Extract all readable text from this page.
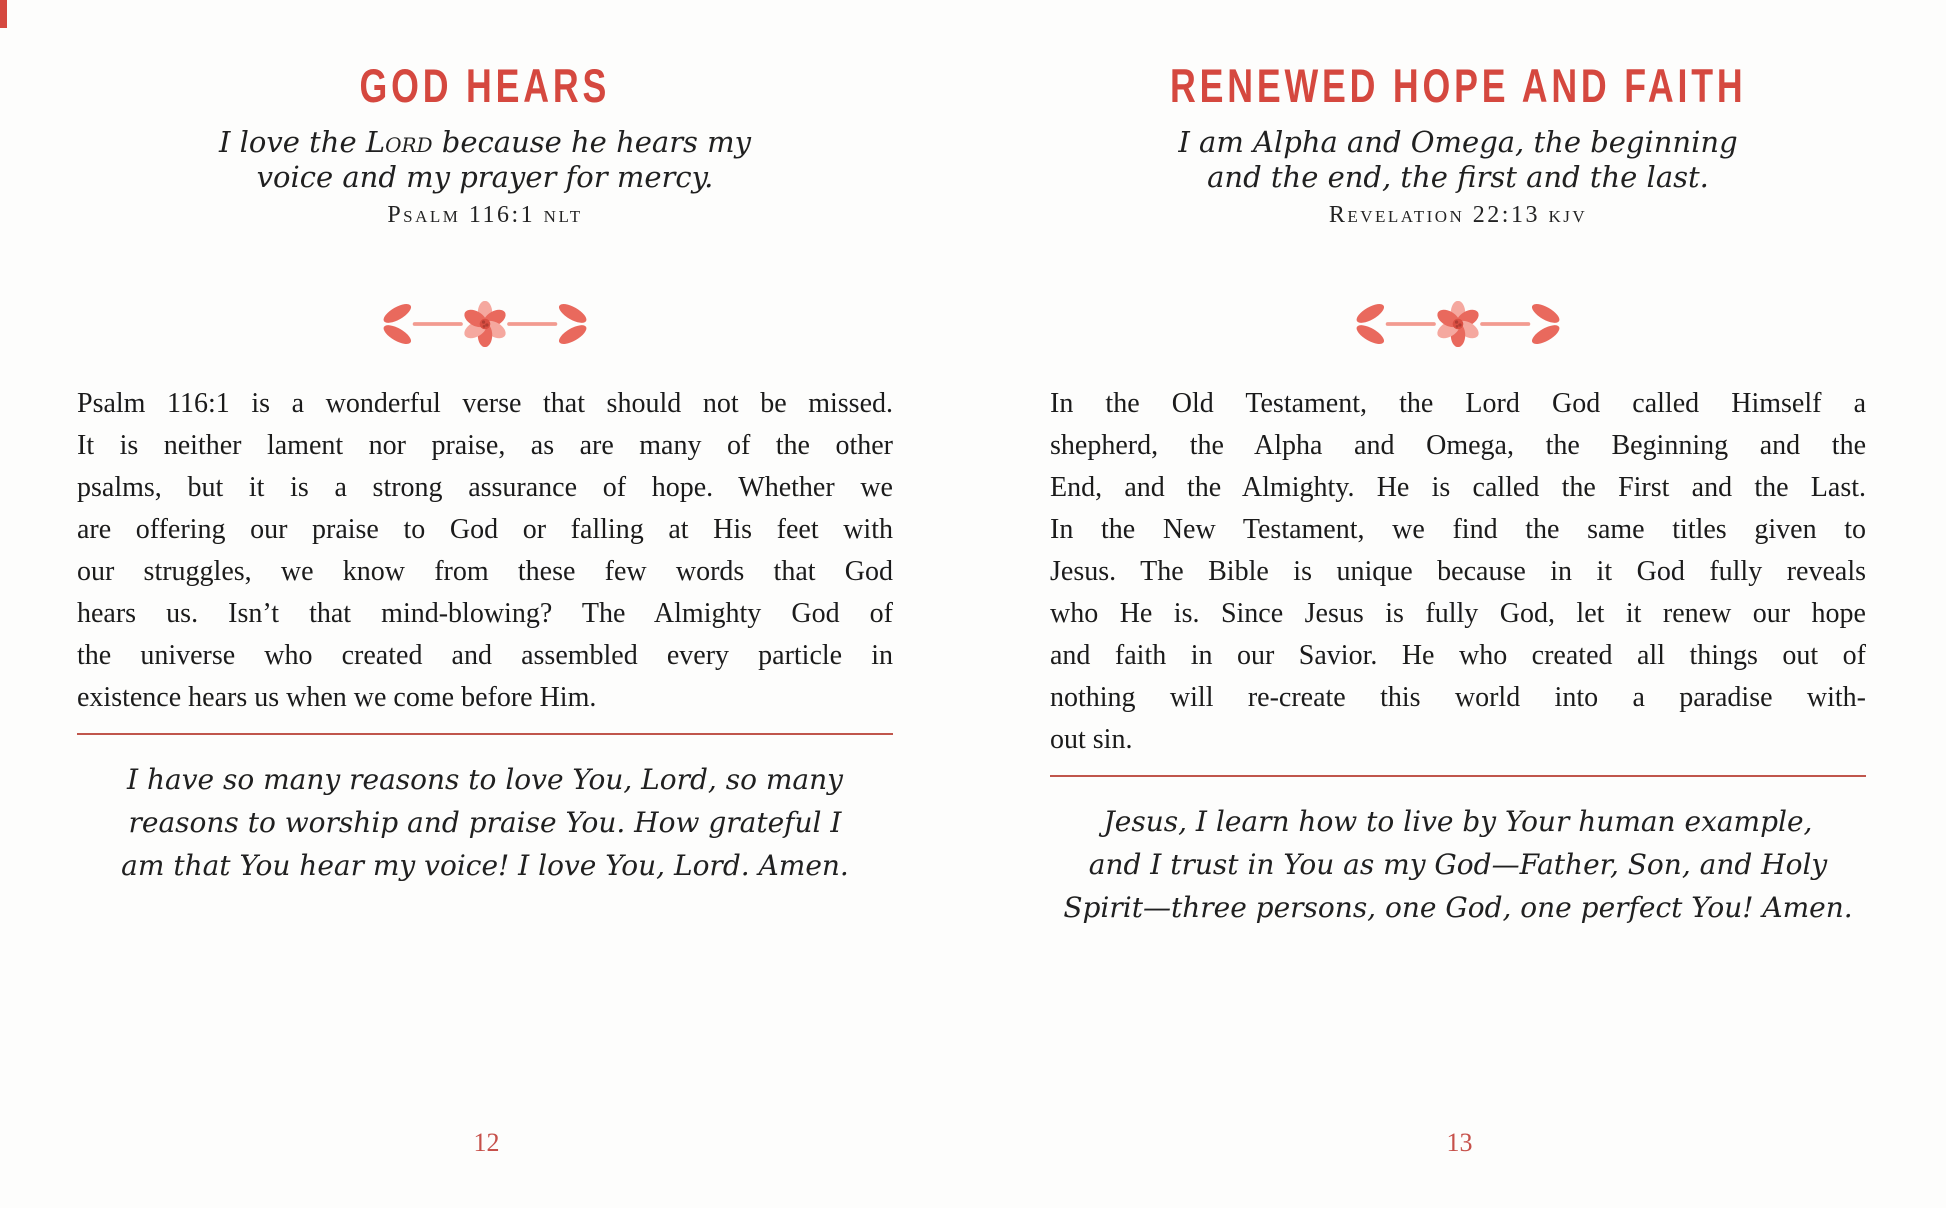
GOD HEARS
I love the Lord because he hears my
voice and my prayer for mercy.
Psalm 116:1 nlt
Psalm 116:1 is a wonderful verse that should not be missed.
It is neither lament nor praise, as are many of the other
psalms, but it is a strong assurance of hope. Whether we
are offering our praise to God or falling at His feet with
our struggles, we know from these few words that God
hears us. Isn’t that mind-blowing? The Almighty God of
the universe who created and assembled every particle in
existence hears us when we come before Him.
I have so many reasons to love You, Lord, so many
reasons to worship and praise You. How grateful I
am that You hear my voice! I love You, Lord. Amen.
12
RENEWED HOPE AND FAITH
I am Alpha and Omega, the beginning
and the end, the first and the last.
Revelation 22:13 kjv
In the Old Testament, the Lord God called Himself a
shepherd, the Alpha and Omega, the Beginning and the
End, and the Almighty. He is called the First and the Last.
In the New Testament, we find the same titles given to
Jesus. The Bible is unique because in it God fully reveals
who He is. Since Jesus is fully God, let it renew our hope
and faith in our Savior. He who created all things out of
nothing will re-create this world into a paradise with-
out sin.
Jesus, I learn how to live by Your human example,
and I trust in You as my God—Father, Son, and Holy
Spirit—three persons, one God, one perfect You! Amen.
13
